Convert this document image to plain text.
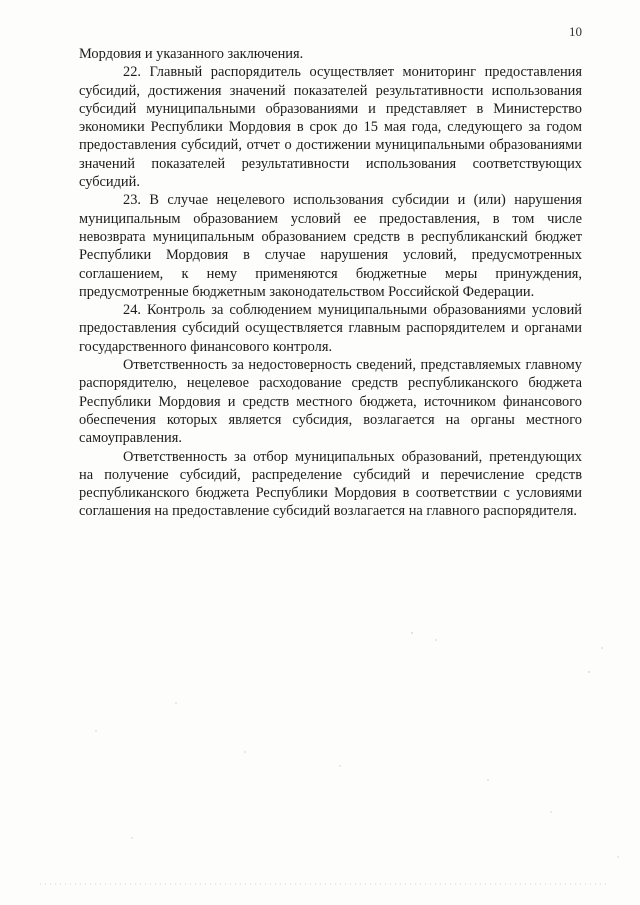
10

Мордовия и указанного заключения.

22. Главный распорядитель осуществляет мониторинг предоставления субсидий, достижения значений показателей результативности использования субсидий муниципальными образованиями и представляет в Министерство экономики Республики Мордовия в срок до 15 мая года, следующего за годом предоставления субсидий, отчет о достижении муниципальными образованиями значений показателей результативности использования соответствующих субсидий.

23. В случае нецелевого использования субсидии и (или) нарушения муниципальным образованием условий ее предоставления, в том числе невозврата муниципальным образованием средств в республиканский бюджет Республики Мордовия в случае нарушения условий, предусмотренных соглашением, к нему применяются бюджетные меры принуждения, предусмотренные бюджетным законодательством Российской Федерации.

24. Контроль за соблюдением муниципальными образованиями условий предоставления субсидий осуществляется главным распорядителем и органами государственного финансового контроля.

Ответственность за недостоверность сведений, представляемых главному распорядителю, нецелевое расходование средств республиканского бюджета Республики Мордовия и средств местного бюджета, источником финансового обеспечения которых является субсидия, возлагается на органы местного самоуправления.

Ответственность за отбор муниципальных образований, претендующих на получение субсидий, распределение субсидий и перечисление средств республиканского бюджета Республики Мордовия в соответствии с условиями соглашения на предоставление субсидий возлагается на главного распорядителя.
